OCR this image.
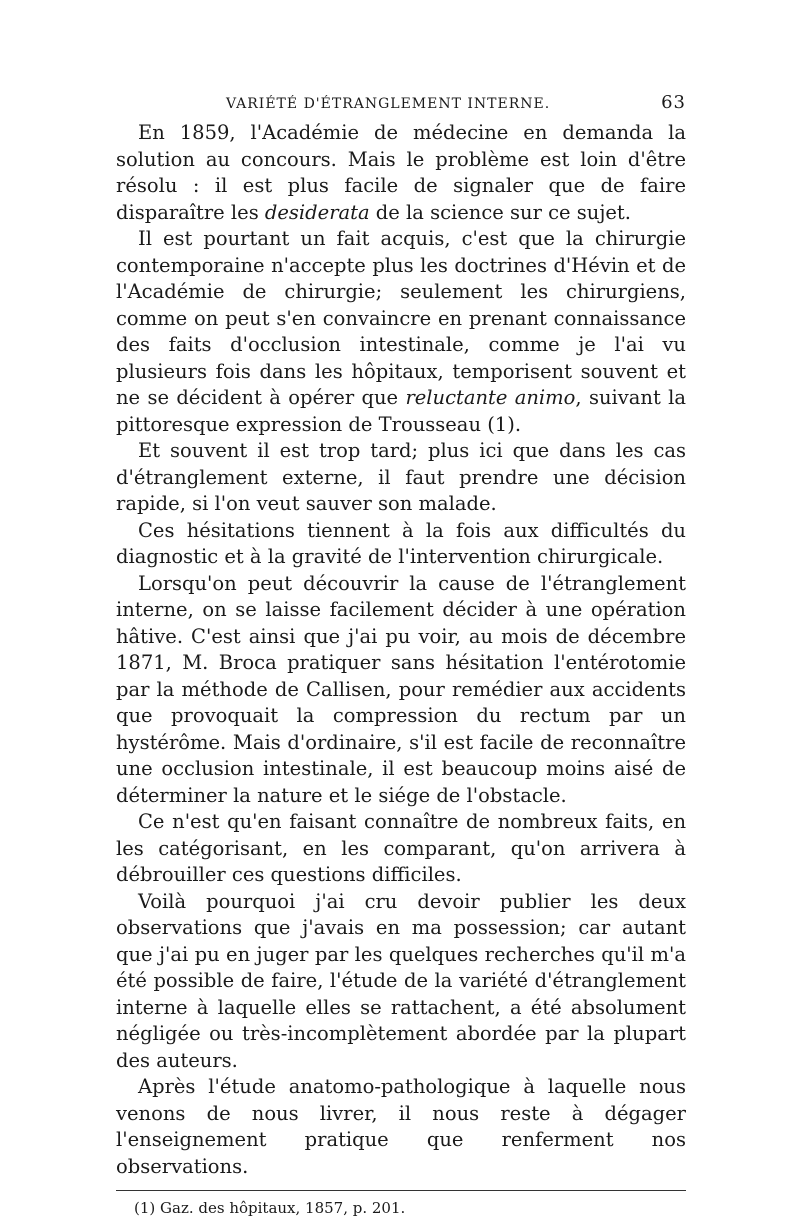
VARIÉTÉ D'ÉTRANGLEMENT INTERNE.	63

En 1859, l'Académie de médecine en demanda la solution au concours. Mais le problème est loin d'être résolu : il est plus facile de signaler que de faire disparaître les desiderata de la science sur ce sujet.

Il est pourtant un fait acquis, c'est que la chirurgie contemporaine n'accepte plus les doctrines d'Hévin et de l'Académie de chirurgie; seulement les chirurgiens, comme on peut s'en convaincre en prenant connaissance des faits d'occlusion intestinale, comme je l'ai vu plusieurs fois dans les hôpitaux, temporisent souvent et ne se décident à opérer que reluctante animo, suivant la pittoresque expression de Trousseau (1).

Et souvent il est trop tard; plus ici que dans les cas d'étranglement externe, il faut prendre une décision rapide, si l'on veut sauver son malade.

Ces hésitations tiennent à la fois aux difficultés du diagnostic et à la gravité de l'intervention chirurgicale.

Lorsqu'on peut découvrir la cause de l'étranglement interne, on se laisse facilement décider à une opération hâtive. C'est ainsi que j'ai pu voir, au mois de décembre 1871, M. Broca pratiquer sans hésitation l'entérotomie par la méthode de Callisen, pour remédier aux accidents que provoquait la compression du rectum par un hystérôme. Mais d'ordinaire, s'il est facile de reconnaître une occlusion intestinale, il est beaucoup moins aisé de déterminer la nature et le siége de l'obstacle.

Ce n'est qu'en faisant connaître de nombreux faits, en les catégorisant, en les comparant, qu'on arrivera à débrouiller ces questions difficiles.

Voilà pourquoi j'ai cru devoir publier les deux observations que j'avais en ma possession; car autant que j'ai pu en juger par les quelques recherches qu'il m'a été possible de faire, l'étude de la variété d'étranglement interne à laquelle elles se rattachent, a été absolument négligée ou très-incomplètement abordée par la plupart des auteurs.

Après l'étude anatomo-pathologique à laquelle nous venons de nous livrer, il nous reste à dégager l'enseignement pratique que renferment nos observations.

(1) Gaz. des hôpitaux, 1857, p. 201.
